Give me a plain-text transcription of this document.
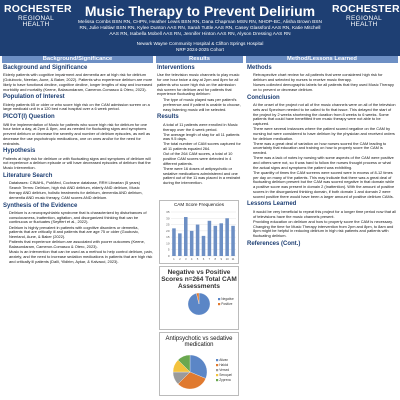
ROCHESTER
REGIONAL HEALTH
Music Therapy to Prevent Delirium
Melissa Combs BSN RN, CHPN, Heather Lewis BSN RN, Dana Chapman MSN RN, NHDP-BC, Alisha Brown BSN RN, Julie Haltiwr BSN RN, Kylee Dunton AAS RN, Sarah Tuttle AAS RN, Casey Glassford AAS RN, Katie Mitchell AAS RN, Isabella Mobell AAS RN, Jennifer Hinton AAS RN, Alyson Dressing AAS RN
Newark Wayne Community Hospital & Clifton Springs Hospital
NRP 2024-2025 Cohort
ROCHESTER
REGIONAL HEALTH
Background/Significance	Results	Method/Lessons Learned
Background and Significance

Elderly patients with cognitive impairment and dementia are at high risk for delirium (Golubovic, Neerlan, Aune, & Baker, 2022). Patients who experience delirium are more likely to have functional decline, cognitive decline, longer lengths of stay and increased morbidity and mortality (Keene, Balasundaram, Cameron-Comasco & Otero, 2023).

Population of Interest

Elderly patients 65 or older or who score high risk on the CAM admission screen on a large medicaid unit in a 120 bed rural hospital over a 6 week period.

PICOT(I) Question

Will the implementation of Music for patients who score high risk for delirium for one hour twice a day, at 2pm & 8pm, and as needed for fluctuating signs and symptoms prevent delirium or decrease the severity and number of delirium episodes, as well as decrease the use psychotropic medications, one on ones and/or for the need for restraints.

Hypothesis

Patients at high risk for delirium or with fluctuating signs and symptoms of delirium will not experience a delirium episode or will have decreased episodes of delirium that the Music Intervention.

Literature Search
• Databases: CINAHL, PubMed, Cochrane database, RRH Librarian (5 years)
• Search Terms: Delirium, high risk AND delirium, elderly AND delirium, Music therapy AND delirium, holistic treatments for delirium, dementia AND delirium, dementia AND music therapy, CAM scores AND delirium.
Synthesis of the Evidence
• Delirium is a neuropsychiatric syndrome that is characterized by disturbances of consciousness, inattention, agitation, and disorganized thinking that can be continuous or fluctuates (Seyffert et al., 2022).
• Delirium is highly prevalent in patients with cognitive disorders or dementia, patients that are critically ill and patients that are age 75 or older (Goubovic, Neerland, Aune, & Baker (2022).
• Patients that experience delirium are associated with poorer outcomes (Keene, Balasundaram, Cameron-Comasco & Otero, 2023).
• Music is an intervention that can be used as a method to help control delirium, pain, anxiety, and the need to increase sedation medications in patients that are high risk and critically ill patients (Dalli, Yildirim, Aykar, & Kalvacci, 2023).
Interventions

Use the television music channels to play music for one hour twice a day at 2pm and 8pm for all patients who score high risk on the admission risk screen for delirium and for patients that experience fluctuating delirium:

• The type of music played was per patient's preference and if patient is unable to choose, easy listening music will be selected.
Results
• A total of 11 patients were enrolled in Music therapy over the 6 week period.
• The average length of stay for all 11 patients was 9.5 days.
• The total number of CAM scores captured for all 11 patients equaled 264.
• Out of the 264 CAM scores, a total of 10 positive CAM scores were detected in 4 different patients.
• There were 16 doses of antipsychotic or sedative medications administered and one patient out of the 11 was placed in a restraint during the intervention.
CAM Score Frequencies
0
5
10
15
20
25
30
35
1 2 3 4 5 6 7 8 9 10 11
Negative vs Positive Scores n=264 Total CAM Assessments
Negative
Positive
Antipsychotic vs sedative medication
Ativan
Haldol
Versed
Seroquel
Zyprexa
Methods
• Retrospective chart review for all patients that were considered high risk for delirium and selected by nurses to receive music therapy.
• Nurses collected demographic labels for all patients that they used Music Therapy on to prevent or decrease delirium.
Conclusion
• At the onset of the project not all of the music channels were on all of the television sets and Spectrum needed to be called to fix that issue. This delayed the start of the project by 2 weeks shortening the duration from 8 weeks to 6 weeks. Some patients that could have benefitted from music therapy were not able to be captured.
• There were several instances where the patient scored negative on the CAM by nursing but were considered to have delirium by the physician and received orders for delirium medication.
• There was a great deal of variation on how nurses scored the CAM leading to uncertainty that education and training on how to properly score the CAM is needed.
• There was a lack of notes by nursing with some aspects of the CAM were positive and others were not, so it was hard to follow the nurses thought process or what the actual signs and symptoms the patient was exhibiting.
• The quantity of times the CAM screens were scored were in excess of 8-12 times per day on many of the patients. This may indicate that there was a great deal of fluctuating delirium present but the CAM was scored negative in that domain while a positive score was present in domain 2 (Inattention). With the amount of positive scores in the disorganized thinking domain, if both domain 1 and domain 2 were scored positive there would have been a larger amount of positive delirium CAMs.
Lessons Learned
• It would be very beneficial to repeat this project for a longer time period now that all of televisions have the music channels present.
• Providing education on delirium and how to properly score the CAM is necessary.
• Changing the time for Music Therapy intervention from 2pm and 8pm, to 8am and 8pm might be helpful in reducing delirium in high risk patients and patients with fluctuating delirium.
References (Cont.)
